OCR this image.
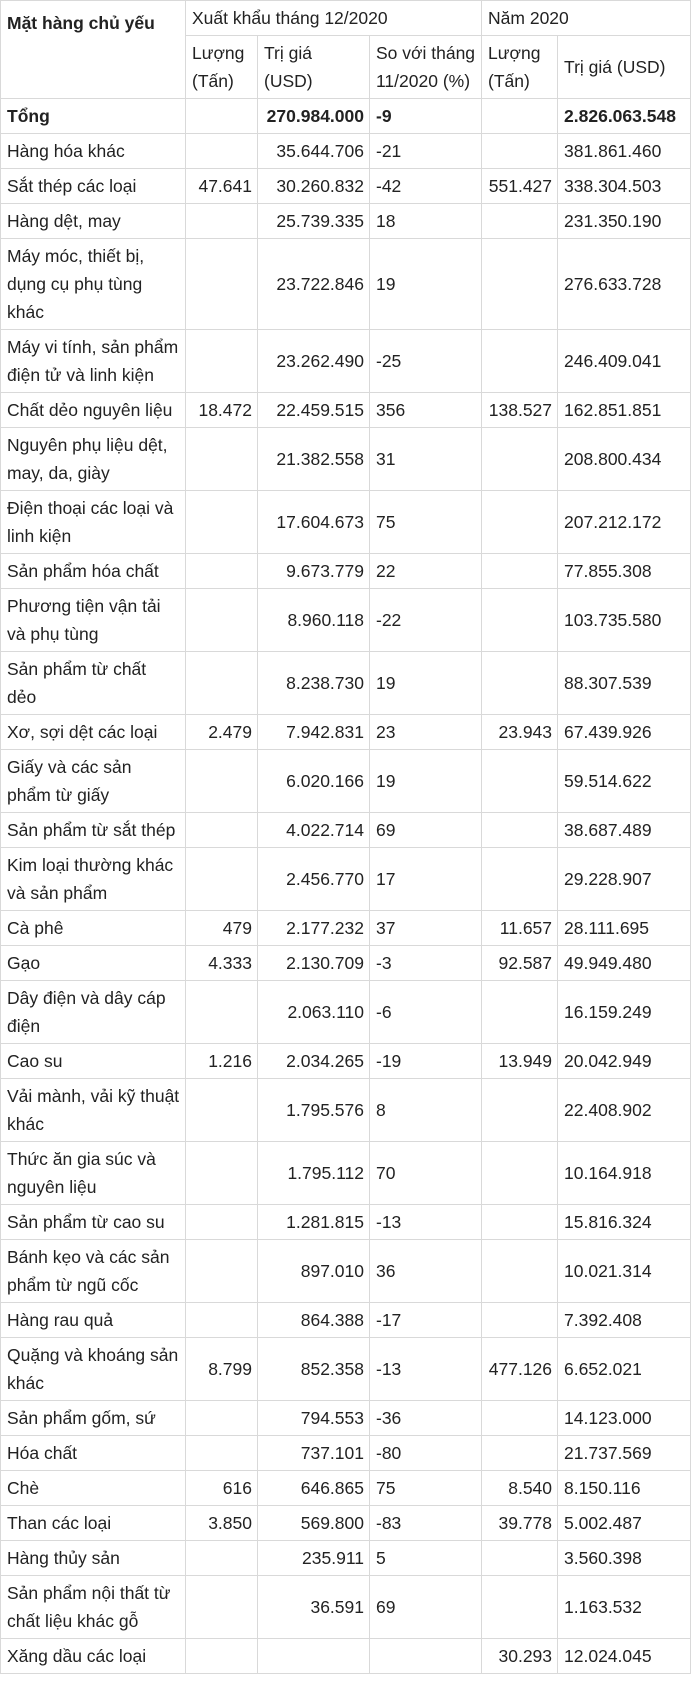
Mặt hàng chủ yếu	Xuất khẩu tháng 12/2020			Năm 2020	
	Lượng (Tấn)	Trị giá (USD)	So với tháng 11/2020 (%)	Lượng (Tấn)	Trị giá (USD)
Tổng		270.984.000	-9		2.826.063.548
Hàng hóa khác		35.644.706	-21		381.861.460
Sắt thép các loại	47.641	30.260.832	-42	551.427	338.304.503
Hàng dệt, may		25.739.335	18		231.350.190
Máy móc, thiết bị, dụng cụ phụ tùng khác		23.722.846	19		276.633.728
Máy vi tính, sản phẩm điện tử và linh kiện		23.262.490	-25		246.409.041
Chất dẻo nguyên liệu	18.472	22.459.515	356	138.527	162.851.851
Nguyên phụ liệu dệt, may, da, giày		21.382.558	31		208.800.434
Điện thoại các loại và linh kiện		17.604.673	75		207.212.172
Sản phẩm hóa chất		9.673.779	22		77.855.308
Phương tiện vận tải và phụ tùng		8.960.118	-22		103.735.580
Sản phẩm từ chất dẻo		8.238.730	19		88.307.539
Xơ, sợi dệt các loại	2.479	7.942.831	23	23.943	67.439.926
Giấy và các sản phẩm từ giấy		6.020.166	19		59.514.622
Sản phẩm từ sắt thép		4.022.714	69		38.687.489
Kim loại thường khác và sản phẩm		2.456.770	17		29.228.907
Cà phê	479	2.177.232	37	11.657	28.111.695
Gạo	4.333	2.130.709	-3	92.587	49.949.480
Dây điện và dây cáp điện		2.063.110	-6		16.159.249
Cao su	1.216	2.034.265	-19	13.949	20.042.949
Vải mành, vải kỹ thuật khác		1.795.576	8		22.408.902
Thức ăn gia súc và nguyên liệu		1.795.112	70		10.164.918
Sản phẩm từ cao su		1.281.815	-13		15.816.324
Bánh kẹo và các sản phẩm từ ngũ cốc		897.010	36		10.021.314
Hàng rau quả		864.388	-17		7.392.408
Quặng và khoáng sản khác	8.799	852.358	-13	477.126	6.652.021
Sản phẩm gốm, sứ		794.553	-36		14.123.000
Hóa chất		737.101	-80		21.737.569
Chè	616	646.865	75	8.540	8.150.116
Than các loại	3.850	569.800	-83	39.778	5.002.487
Hàng thủy sản		235.911	5		3.560.398
Sản phẩm nội thất từ chất liệu khác gỗ		36.591	69		1.163.532
Xăng dầu các loại				30.293	12.024.045
